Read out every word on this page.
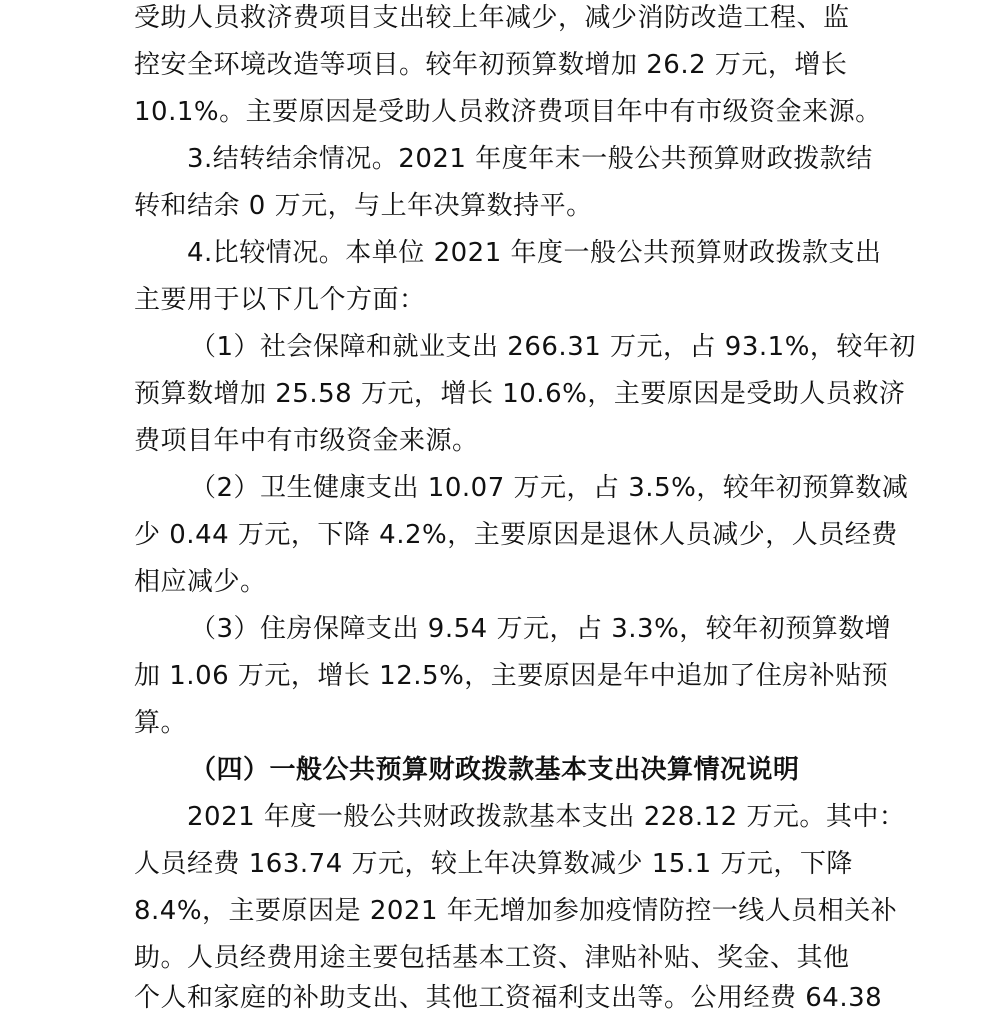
受助人员救济费项目支出较上年减少，减少消防改造工程、监
控安全环境改造等项目。较年初预算数增加 26.2 万元，增长
10.1%。主要原因是受助人员救济费项目年中有市级资金来源。
3.结转结余情况。2021 年度年末一般公共预算财政拨款结
转和结余 0 万元，与上年决算数持平。
4.比较情况。本单位 2021 年度一般公共预算财政拨款支出
主要用于以下几个方面：
（1）社会保障和就业支出 266.31 万元，占 93.1%，较年初
预算数增加 25.58 万元，增长 10.6%，主要原因是受助人员救济
费项目年中有市级资金来源。
（2）卫生健康支出 10.07 万元，占 3.5%，较年初预算数减
少 0.44 万元，下降 4.2%，主要原因是退休人员减少，人员经费
相应减少。
（3）住房保障支出 9.54 万元，占 3.3%，较年初预算数增
加 1.06 万元，增长 12.5%，主要原因是年中追加了住房补贴预
算。
（四）一般公共预算财政拨款基本支出决算情况说明
2021 年度一般公共财政拨款基本支出 228.12 万元。其中：
人员经费 163.74 万元，较上年决算数减少 15.1 万元，下降
8.4%，主要原因是 2021 年无增加参加疫情防控一线人员相关补
助。人员经费用途主要包括基本工资、津贴补贴、奖金、其他
个人和家庭的补助支出、其他工资福利支出等。公用经费 64.38
